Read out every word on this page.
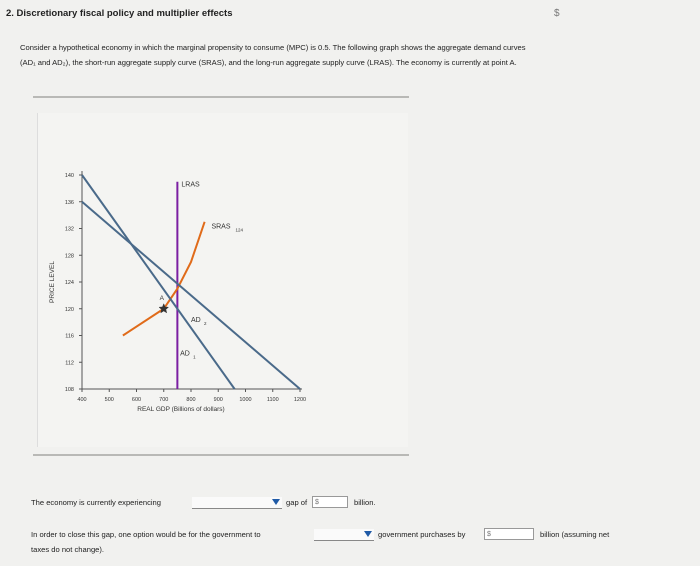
2. Discretionary fiscal policy and multiplier effects	$
Consider a hypothetical economy in which the marginal propensity to consume (MPC) is 0.5. The following graph shows the aggregate demand curves
(AD₁ and AD₂), the short-run aggregate supply curve (SRAS), and the long-run aggregate supply curve (LRAS). The economy is currently at point A.
108
112
116
120
124
128
132
136
140
400	500	600	700	800	900	1000	1100	1200
REAL GDP (Billions of dollars)
PRICE LEVEL
LRAS
SRAS 124
AD 2
AD 1
A
The economy is currently experiencing	gap of	$	billion.
In order to close this gap, one option would be for the government to	government purchases by	$	billion (assuming net
taxes do not change).
